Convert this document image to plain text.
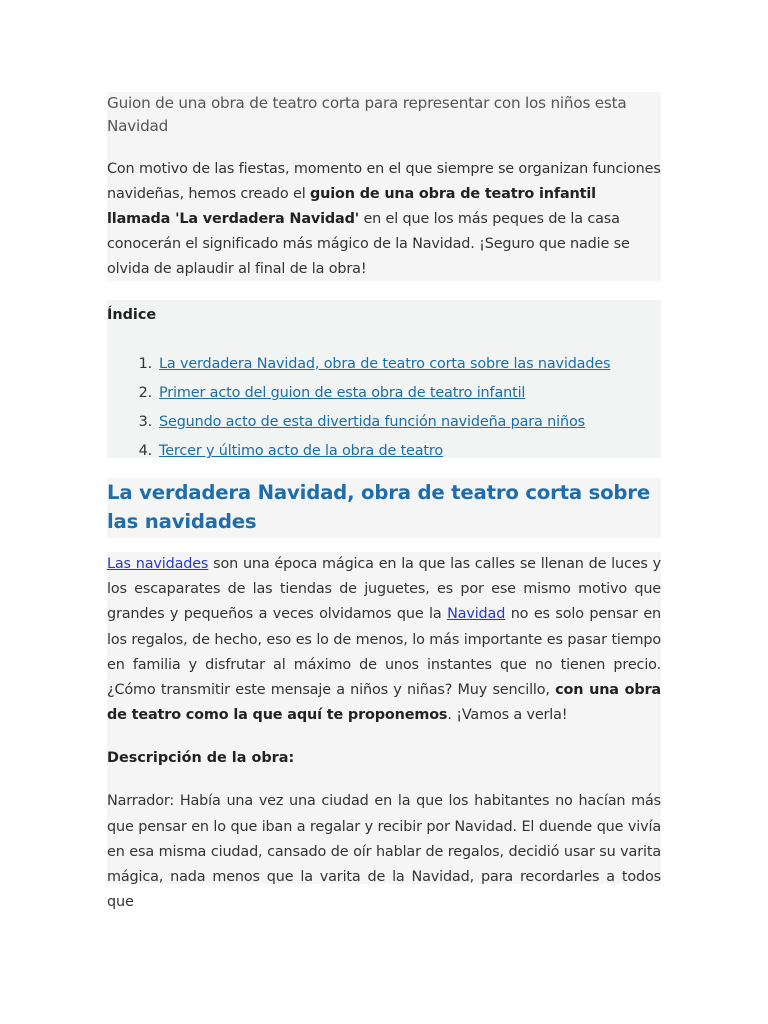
Guion de una obra de teatro corta para representar con los niños esta Navidad

Con motivo de las fiestas, momento en el que siempre se organizan funciones navideñas, hemos creado el guion de una obra de teatro infantil llamada 'La verdadera Navidad' en el que los más peques de la casa conocerán el significado más mágico de la Navidad. ¡Seguro que nadie se olvida de aplaudir al final de la obra!

Índice
1. La verdadera Navidad, obra de teatro corta sobre las navidades
2. Primer acto del guion de esta obra de teatro infantil
3. Segundo acto de esta divertida función navideña para niños
4. Tercer y último acto de la obra de teatro
La verdadera Navidad, obra de teatro corta sobre las navidades

Las navidades son una época mágica en la que las calles se llenan de luces y los escaparates de las tiendas de juguetes, es por ese mismo motivo que grandes y pequeños a veces olvidamos que la Navidad no es solo pensar en los regalos, de hecho, eso es lo de menos, lo más importante es pasar tiempo en familia y disfrutar al máximo de unos instantes que no tienen precio. ¿Cómo transmitir este mensaje a niños y niñas? Muy sencillo, con una obra de teatro como la que aquí te proponemos. ¡Vamos a verla!

Descripción de la obra:

Narrador: Había una vez una ciudad en la que los habitantes no hacían más que pensar en lo que iban a regalar y recibir por Navidad. El duende que vivía en esa misma ciudad, cansado de oír hablar de regalos, decidió usar su varita mágica, nada menos que la varita de la Navidad, para recordarles a todos que
